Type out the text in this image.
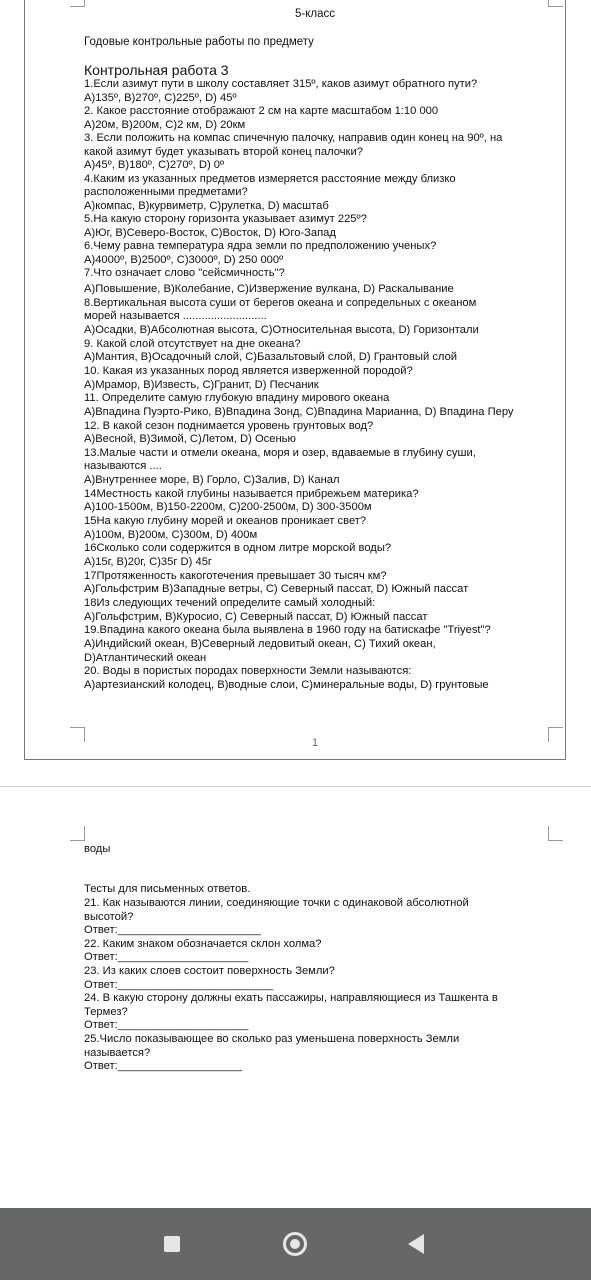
5-класс
Годовые контрольные работы по предмету
Контрольная работа 3
1.Если азимут пути в школу составляет 315º, каков азимут обратного пути?
А)135º, В)270º, С)225º, D) 45º
2. Какое расстояние отображают 2 см на карте масштабом 1:10 000
А)20м, В)200м, С)2 км, D) 20км
3. Если положить на компас спичечную палочку, направив один конец на 90º, на
какой азимут будет указывать второй конец палочки?
А)45º, В)180º, С)270º, D) 0º
4.Каким из указанных предметов измеряется расстояние между близко
расположенными предметами?
А)компас, В)курвиметр, С)рулетка, D) масштаб
5.На какую сторону горизонта указывает азимут 225º?
А)Юг, В)Северо-Восток, С)Восток, D) Юго-Запад
6.Чему равна температура ядра земли по предположению ученых?
А)4000º, В)2500º, С)3000º, D) 250 000º
7.Что означает слово "сейсмичность"?
А)Повышение, В)Колебание, С)Извержение вулкана, D) Раскалывание
8.Вертикальная высота суши от берегов океана и сопредельных с океаном
морей называется ...........................
А)Осадки, В)Абсолютная высота, С)Относительная высота, D) Горизонтали
9. Какой слой отсутствует на дне океана?
А)Мантия, В)Осадочный слой, С)Базальтовый слой, D) Грантовый слой
10. Какая из указанных пород является изверженной породой?
А)Мрамор, В)Известь, С)Гранит, D) Песчаник
11. Определите самую глубокую впадину мирового океана
А)Впадина Пуэрто-Рико, В)Впадина Зонд, С)Впадина Марианна, D) Впадина Перу
12. В какой сезон поднимается уровень грунтовых вод?
А)Весной, В)Зимой, С)Летом, D) Осенью
13.Малые части и отмели океана, моря и озер, вдаваемые в глубину суши,
называются ....
А)Внутреннее море, В) Горло, С)Залив, D) Канал
14Местность какой глубины называется прибрежьем материка?
А)100-1500м, В)150-2200м, С)200-2500м, D) 300-3500м
15На какую глубину морей и океанов проникает свет?
А)100м, В)200м, С)300м, D) 400м
16Сколько соли содержится в одном литре морской воды?
А)15г, В)20г, С)35г D) 45г
17Протяженность какоготечения превышает 30 тысяч км?
А)Гольфстрим В)Западные ветры, С) Северный пассат, D) Южный пассат
18Из следующих течений определите самый холодный:
А)Гольфстрим, В)Куросио, С) Северный пассат, D) Южный пассат
19.Впадина какого океана была выявлена в 1960 году на батискафе "Triyest"?
А)Индийский океан, В)Северный ледовитый океан, С) Тихий океан,
D)Атлантический океан
20. Воды в пористых породах поверхности Земли называются:
А)артезианский колодец, В)водные слои, С)минеральные воды, D) грунтовые
1
воды
Тесты для письменных ответов.
21. Как называются линии, соединяющие точки с одинаковой абсолютной
высотой?
Ответ:_______________________
22. Каким знаком обозначается склон холма?
Ответ:_____________________
23. Из каких слоев состоит поверхность Земли?
Ответ:_________________________
24. В какую сторону должны ехать пассажиры, направляющиеся из Ташкента в
Термез?
Ответ:_____________________
25.Число показывающее во сколько раз уменьшена поверхность Земли
называется?
Ответ:____________________
